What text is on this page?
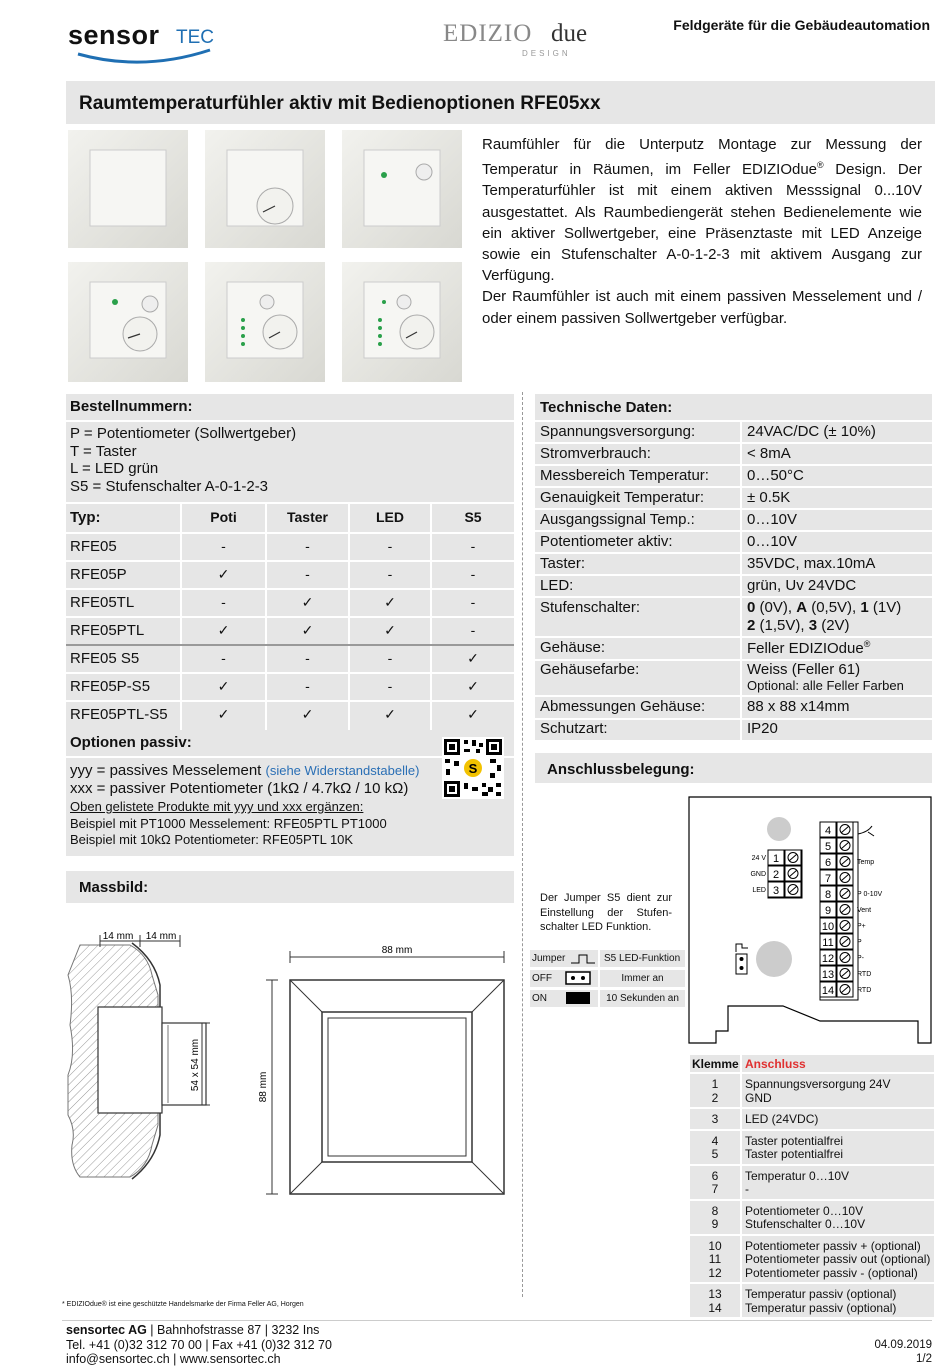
sensor TEC	EDIZIO due
DESIGN
Feldgeräte für die Gebäudeautomation
Raumtemperaturfühler aktiv mit Bedienoptionen RFE05xx
Raumfühler für die Unterputz Montage zur Messung der Temperatur in Räumen, im Feller EDIZIOdue® Design. Der Temperaturfühler ist mit einem aktiven Messsignal 0...10V ausgestattet. Als Raumbediengerät stehen Bedienelemente wie ein aktiver Sollwertgeber, eine Präsenztaste mit LED Anzeige sowie ein Stufenschalter A-0-1-2-3 mit aktivem Ausgang zur Verfügung.
Der Raumfühler ist auch mit einem passiven Messelement und / oder einem passiven Sollwertgeber verfügbar.
Bestellnummern:
P = Potentiometer (Sollwertgeber)
T = Taster
L = LED grün
S5 = Stufenschalter A-0-1-2-3
Typ:	Poti	Taster	LED	S5
RFE05	-	-	-	-
RFE05P	✓	-	-	-
RFE05TL	-	✓	✓	-
RFE05PTL	✓	✓	✓	-
RFE05 S5	-	-	-	✓
RFE05P-S5	✓	-	-	✓
RFE05PTL-S5	✓	✓	✓	✓
Optionen passiv:
yyy = passives Messelement (siehe Widerstandstabelle)
xxx = passiver Potentiometer (1kΩ / 4.7kΩ / 10 kΩ)
Oben gelistete Produkte mit yyy und xxx ergänzen:
Beispiel mit PT1000 Messelement: RFE05PTL PT1000
Beispiel mit 10kΩ Potentiometer: RFE05PTL 10K
S
Massbild:
14 mm 14 mm
54 x 54 mm
88 mm
88 mm
* EDIZIOdue® ist eine geschützte Handelsmarke der Firma Feller AG, Horgen
Technische Daten:
Spannungsversorgung:	24VAC/DC (± 10%)
Stromverbrauch:	< 8mA
Messbereich Temperatur:	0…50°C
Genauigkeit Temperatur:	± 0.5K
Ausgangssignal Temp.:	0…10V
Potentiometer aktiv:	0…10V
Taster:	35VDC, max.10mA
LED:	grün, Uv 24VDC
Stufenschalter:	0 (0V), A (0,5V), 1 (1V)
2 (1,5V), 3 (2V)
Gehäuse:	Feller EDIZIOdue®
Gehäusefarbe:	Weiss (Feller 61)
Optional: alle Feller Farben
Abmessungen Gehäuse:	88 x 88 x14mm
Schutzart:	IP20
Anschlussbelegung:
Der Jumper S5 dient zur Einstellung der Stufen-schalter LED Funktion.
Jumper	S5 LED-Funktion
OFF	Immer an
ON	10 Sekunden an
1
24 V
2
GND
3
LED
4
5
6	Temp
7
8	P 0-10V
9	Vent
10	P+
11	P
12	P-
13	RTD
14	RTD
Klemme Anschluss
1	Spannungsversorgung 24V
2	GND
3	LED (24VDC)
4	Taster potentialfrei
5	Taster potentialfrei
6	Temperatur 0…10V
7	-
8	Potentiometer 0…10V
9	Stufenschalter 0…10V
10	Potentiometer passiv + (optional)
11	Potentiometer passiv out (optional)
12	Potentiometer passiv - (optional)
13	Temperatur passiv (optional)
14	Temperatur passiv (optional)
sensortec AG | Bahnhofstrasse 87 | 3232 Ins
Tel. +41 (0)32 312 70 00 | Fax +41 (0)32 312 70
info@sensortec.ch | www.sensortec.ch
04.09.2019
1/2
